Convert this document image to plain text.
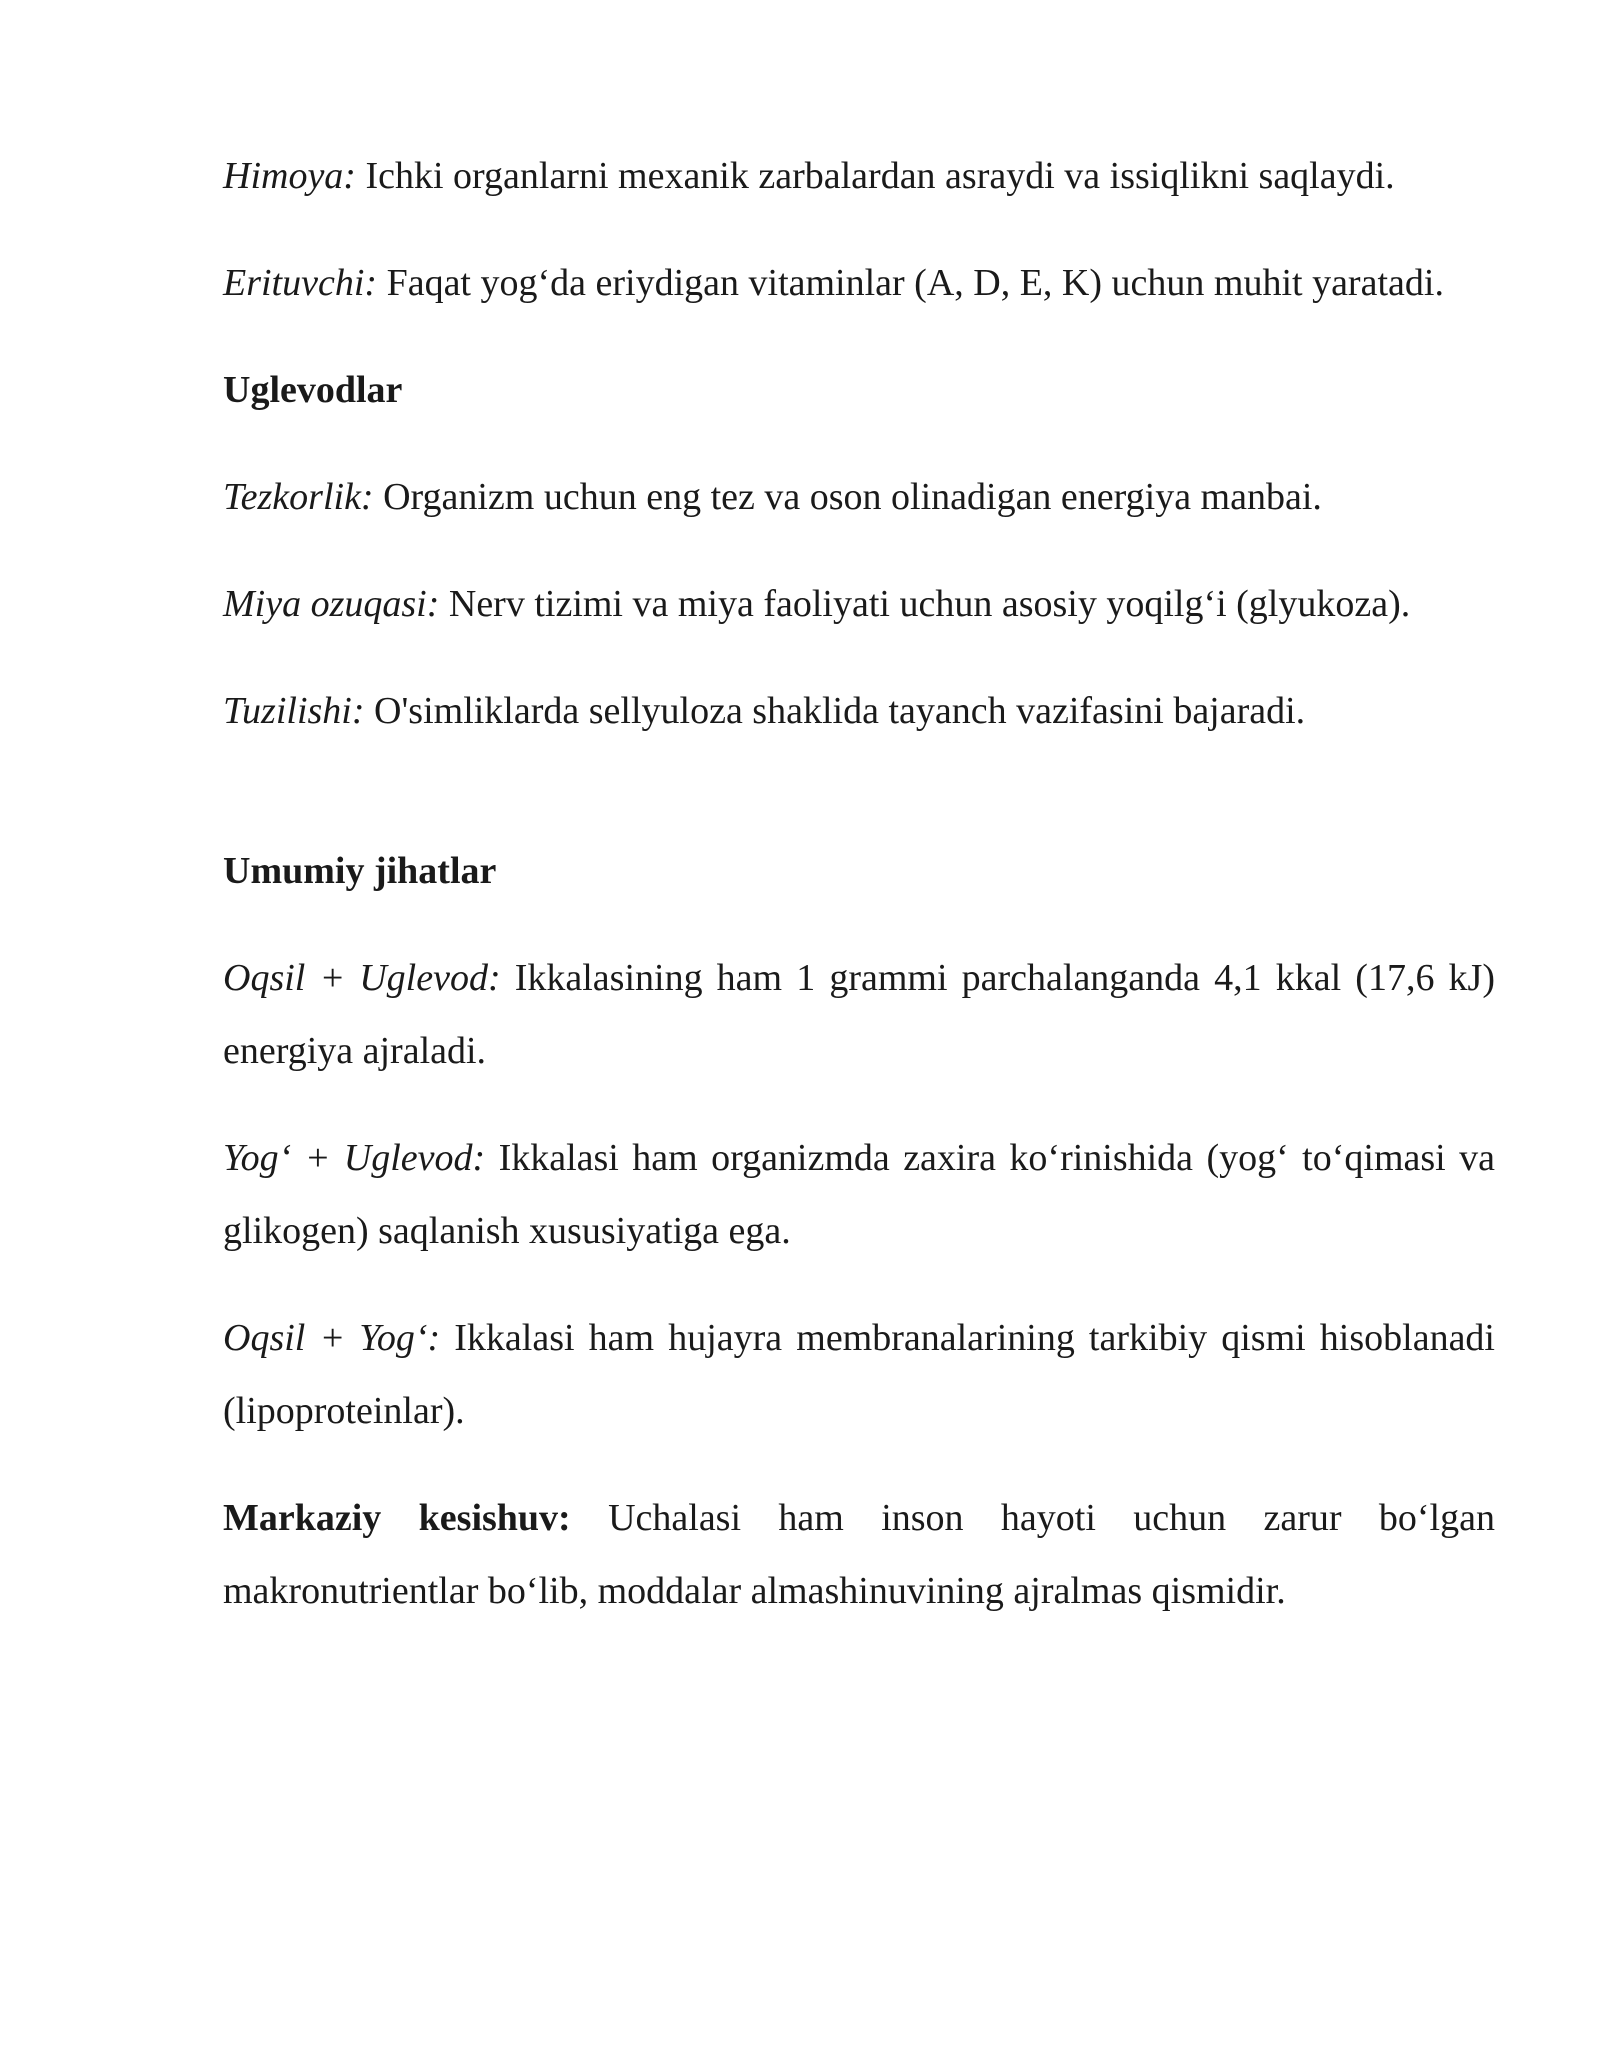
Himoya: Ichki organlarni mexanik zarbalardan asraydi va issiqlikni saqlaydi.

Erituvchi: Faqat yog‘da eriydigan vitaminlar (A, D, E, K) uchun muhit yaratadi.

Uglevodlar

Tezkorlik: Organizm uchun eng tez va oson olinadigan energiya manbai.

Miya ozuqasi: Nerv tizimi va miya faoliyati uchun asosiy yoqilg‘i (glyukoza).

Tuzilishi: O'simliklarda sellyuloza shaklida tayanch vazifasini bajaradi.

Umumiy jihatlar

Oqsil + Uglevod: Ikkalasining ham 1 grammi parchalanganda 4,1 kkal (17,6 kJ) energiya ajraladi.

Yog‘ + Uglevod: Ikkalasi ham organizmda zaxira ko‘rinishida (yog‘ to‘qimasi va glikogen) saqlanish xususiyatiga ega.

Oqsil + Yog‘: Ikkalasi ham hujayra membranalarining tarkibiy qismi hisoblanadi (lipoproteinlar).

Markaziy kesishuv: Uchalasi ham inson hayoti uchun zarur bo‘lgan makronutrientlar bo‘lib, moddalar almashinuvining ajralmas qismidir.
